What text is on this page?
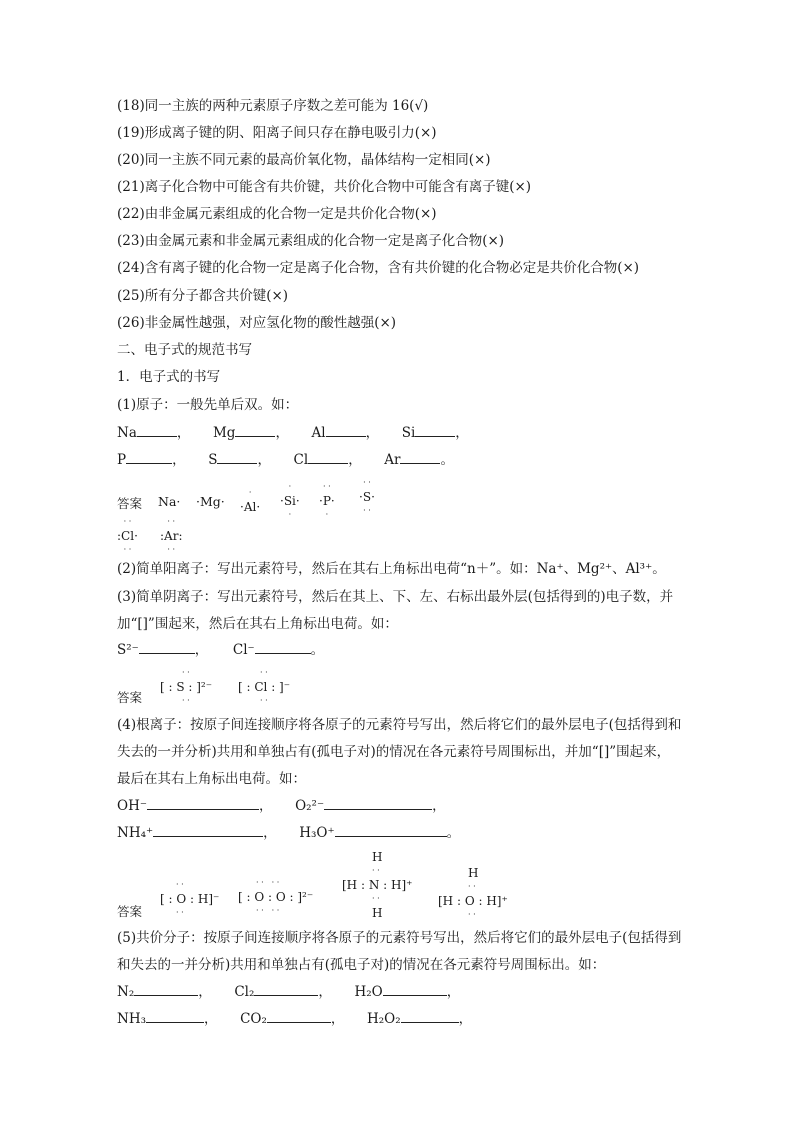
(18)同一主族的两种元素原子序数之差可能为 16(√)
(19)形成离子键的阴、阳离子间只存在静电吸引力(×)
(20)同一主族不同元素的最高价氧化物，晶体结构一定相同(×)
(21)离子化合物中可能含有共价键，共价化合物中可能含有离子键(×)
(22)由非金属元素组成的化合物一定是共价化合物(×)
(23)由金属元素和非金属元素组成的化合物一定是离子化合物(×)
(24)含有离子键的化合物一定是离子化合物，含有共价键的化合物必定是共价化合物(×)
(25)所有分子都含共价键(×)
(26)非金属性越强，对应氢化物的酸性越强(×)
二、电子式的规范书写
1．电子式的书写
(1)原子：一般先单后双。如：
Na	，  Mg	，  Al	，  Si	，
P	，  S	，  Cl	，  Ar	。
答案 Na· ·Mg·
·
·Al·
·
·Si·
·
· ·
·P·
·
· ·
·S·
· ·
· ·
:Cl·
· ·
· ·
:Ar:
· ·
(2)简单阳离子：写出元素符号，然后在其右上角标出电荷“n＋”。如：Na⁺、Mg²⁺、Al³⁺。
(3)简单阴离子：写出元素符号，然后在其上、下、左、右标出最外层(包括得到的)电子数，并加“[]”围起来，然后在其右上角标出电荷。如：
S²⁻	，  Cl⁻	。
答案
· ·
[ : S : ]²⁻
· ·
· ·
[ : Cl : ]⁻
· ·
(4)根离子：按原子间连接顺序将各原子的元素符号写出，然后将它们的最外层电子(包括得到和失去的一并分析)共用和单独占有(孤电子对)的情况在各元素符号周围标出，并加“[]”围起来，最后在其右上角标出电荷。如：
OH⁻	，  O₂²⁻	，
NH₄⁺	，  H₃O⁺	。
答案
· ·
[ : O : H]⁻
· ·
· ·　· ·
[ : O : O : ]²⁻
· ·　· ·
H
· ·
[H : N : H]⁺
· ·
H
H
· ·
[H : O : H]⁺
· ·
(5)共价分子：按原子间连接顺序将各原子的元素符号写出，然后将它们的最外层电子(包括得到和失去的一并分析)共用和单独占有(孤电子对)的情况在各元素符号周围标出。如：
N₂	，  Cl₂	，  H₂O	，
NH₃	，  CO₂	，  H₂O₂	，
